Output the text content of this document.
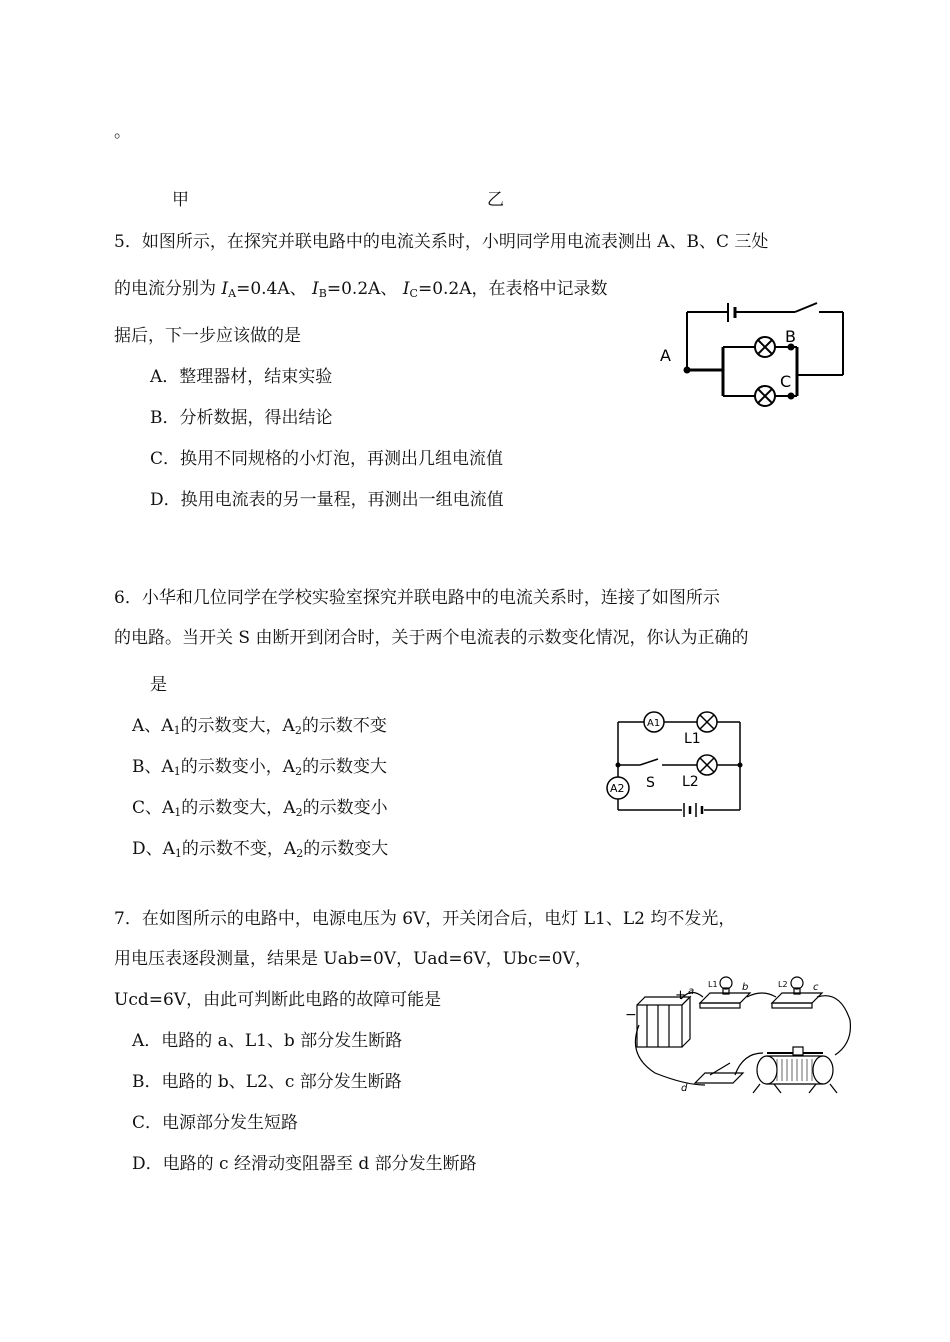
。
甲	乙
5．如图所示，在探究并联电路中的电流关系时，小明同学用电流表测出 A、B、C 三处
的电流分别为 $I_A=0.4A$、 $I_B=0.2A$、 $I_C=0.2A$，在表格中记录数
据后，下一步应该做的是
A．整理器材，结束实验
B．分析数据，得出结论
C．换用不同规格的小灯泡，再测出几组电流值
D．换用电流表的另一量程，再测出一组电流值
A
B
C
6．小华和几位同学在学校实验室探究并联电路中的电流关系时，连接了如图所示
的电路。当开关 S 由断开到闭合时，关于两个电流表的示数变化情况，你认为正确的
是
A、$A_1$的示数变大，$A_2$的示数不变
B、$A_1$的示数变小，$A_2$的示数变大
C、$A_1$的示数变大，$A_2$的示数变小
D、$A_1$的示数不变，$A_2$的示数变大
A1
A2
L1
L2
S
7．在如图所示的电路中，电源电压为 6V，开关闭合后，电灯 L1、L2 均不发光，
用电压表逐段测量，结果是 Uab=0V，Uad=6V，Ubc=0V，
Ucd=6V，由此可判断此电路的故障可能是
A．电路的 a、L1、b 部分发生断路
B．电路的 b、L2、c 部分发生断路
C．电源部分发生短路
D．电路的 c 经滑动变阻器至 d 部分发生断路
+
−
a	b	c
d
L1	L2
